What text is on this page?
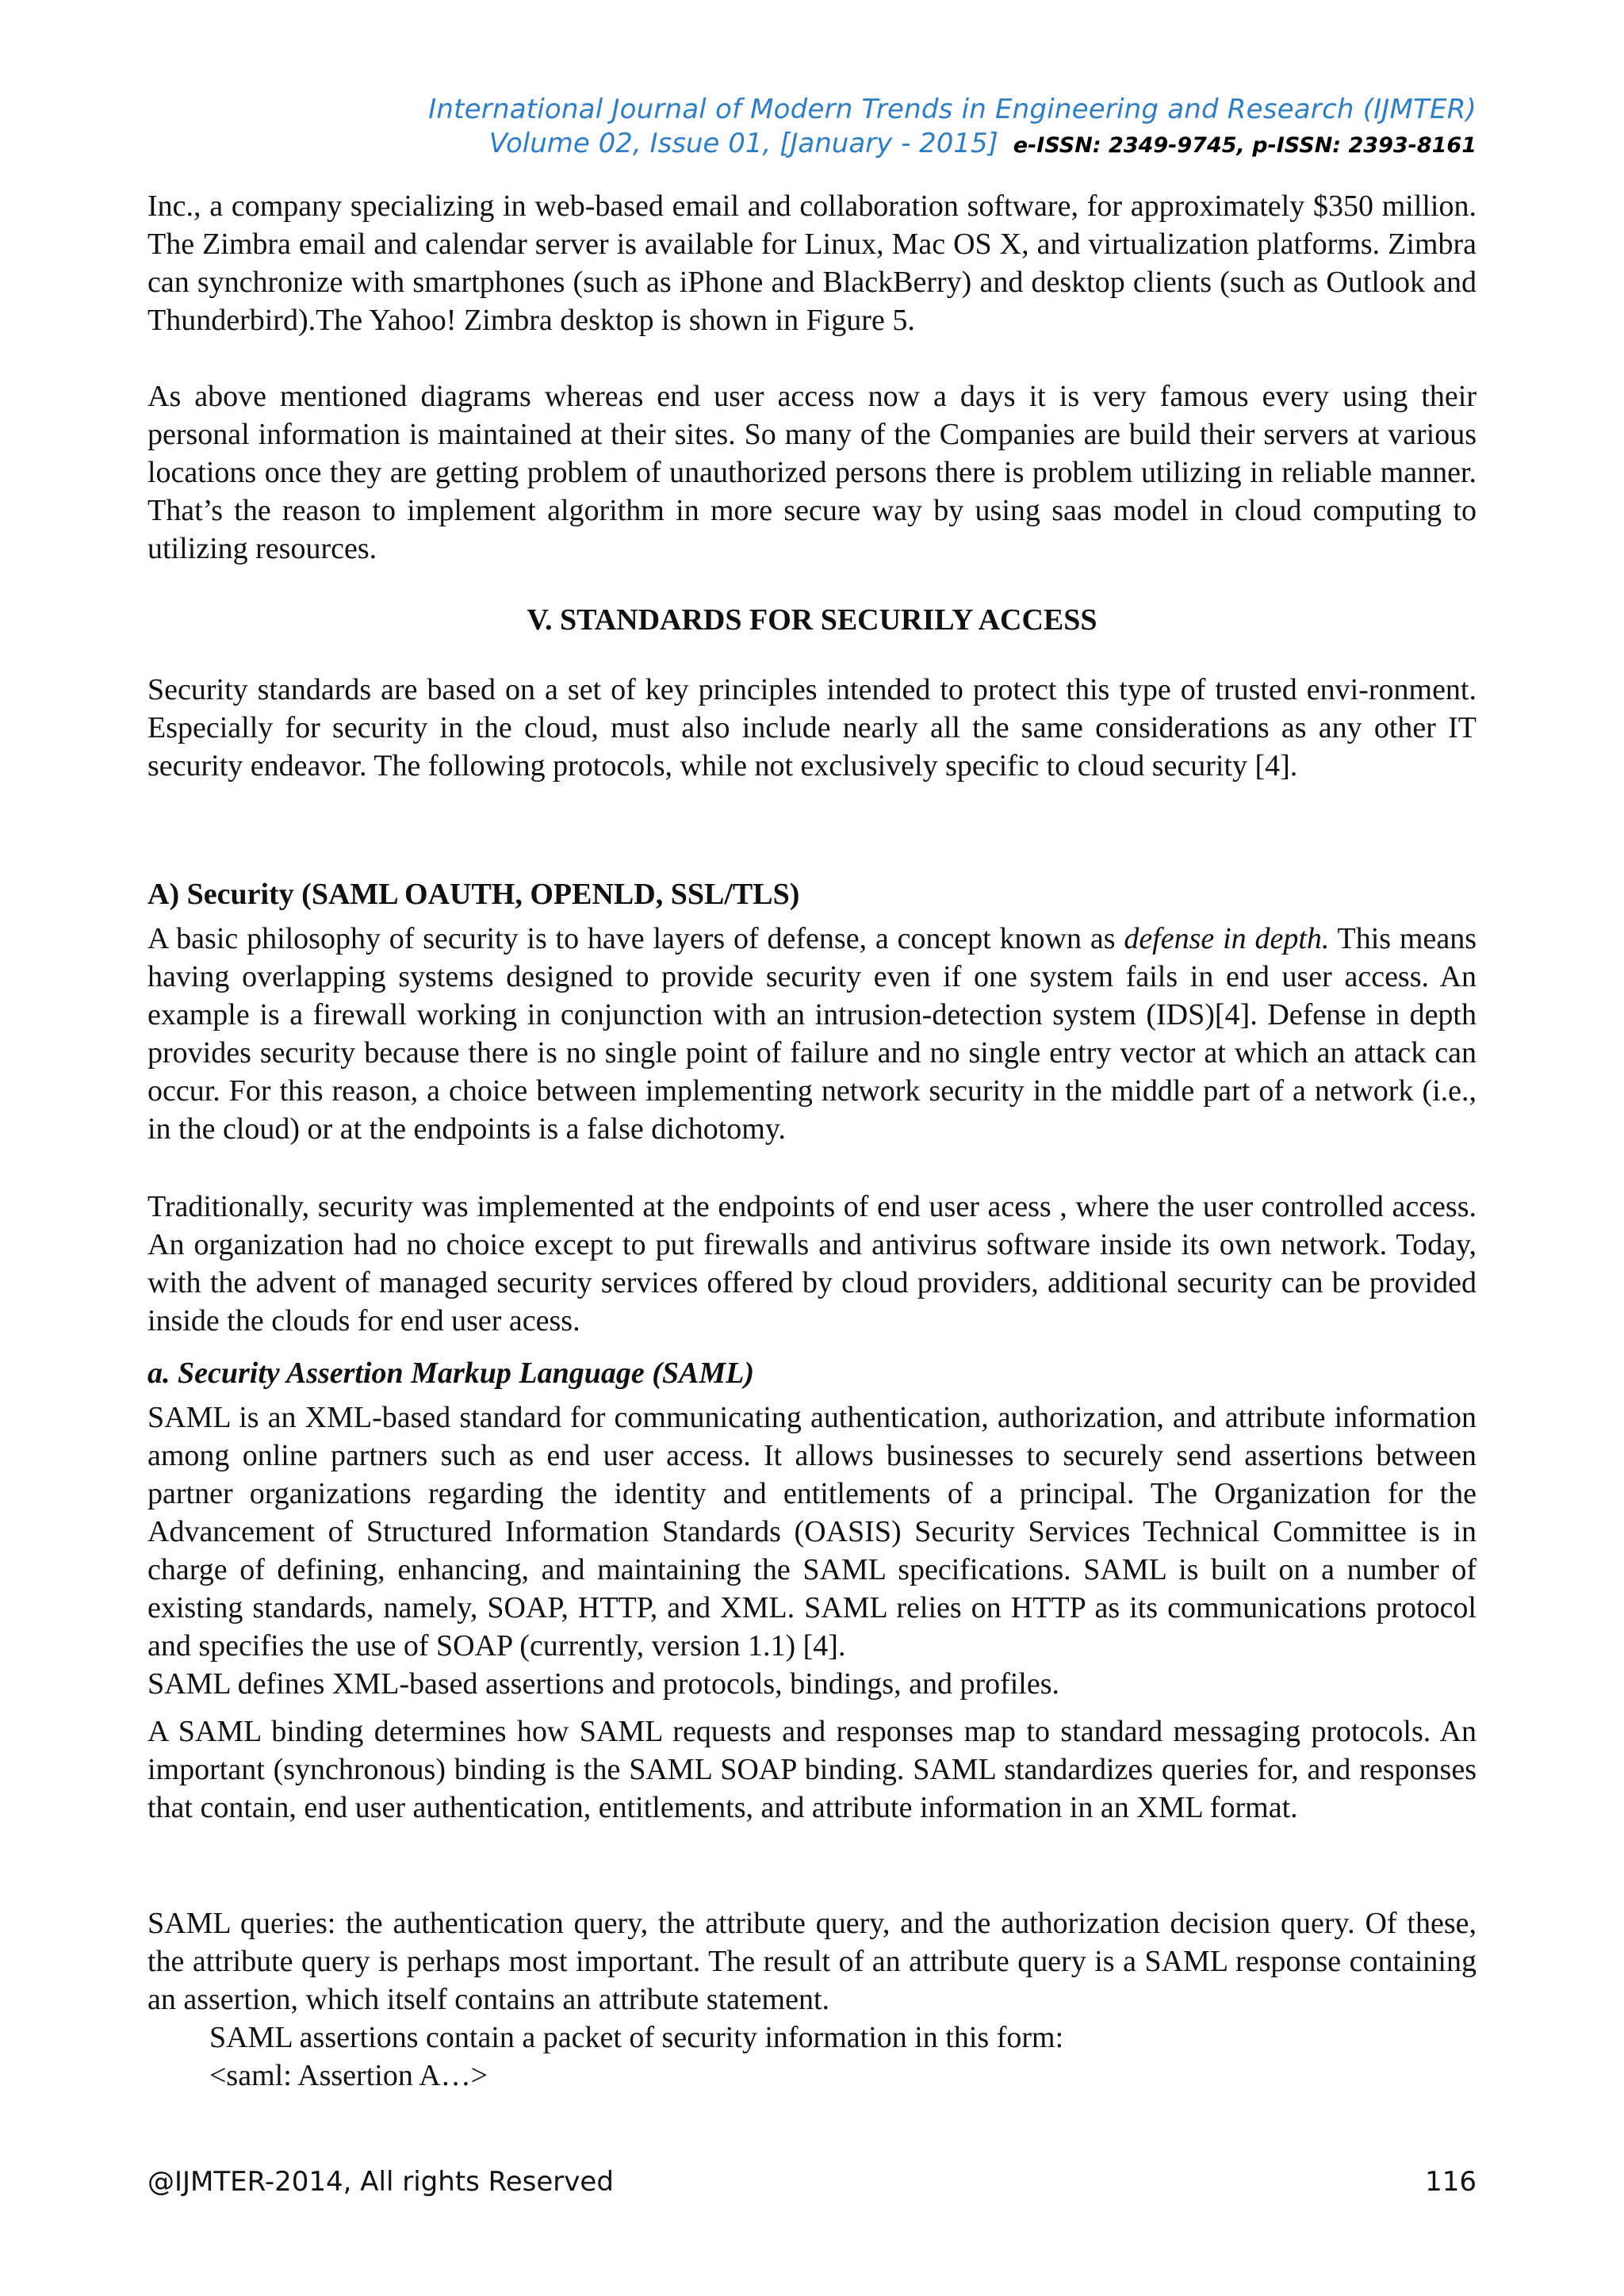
International Journal of Modern Trends in Engineering and Research (IJMTER)
Volume 02, Issue 01, [January - 2015] e-ISSN: 2349-9745, p-ISSN: 2393-8161

Inc., a company specializing in web-based email and collaboration software, for approximately $350 million. The Zimbra email and calendar server is available for Linux, Mac OS X, and virtualization platforms. Zimbra can synchronize with smartphones (such as iPhone and BlackBerry) and desktop clients (such as Outlook and Thunderbird).The Yahoo! Zimbra desktop is shown in Figure 5.

As above mentioned diagrams whereas end user access now a days it is very famous every using their personal information is maintained at their sites. So many of the Companies are build their servers at various locations once they are getting problem of unauthorized persons there is problem utilizing in reliable manner. That’s the reason to implement algorithm in more secure way by using saas model in cloud computing to utilizing resources.

V. STANDARDS FOR SECURILY ACCESS

Security standards are based on a set of key principles intended to protect this type of trusted envi-ronment. Especially for security in the cloud, must also include nearly all the same considerations as any other IT security endeavor. The following protocols, while not exclusively specific to cloud security [4].

A) Security (SAML OAUTH, OPENLD, SSL/TLS)

A basic philosophy of security is to have layers of defense, a concept known as defense in depth. This means having overlapping systems designed to provide security even if one system fails in end user access. An example is a firewall working in conjunction with an intrusion-detection system (IDS)[4]. Defense in depth provides security because there is no single point of failure and no single entry vector at which an attack can occur. For this reason, a choice between implementing network security in the middle part of a network (i.e., in the cloud) or at the endpoints is a false dichotomy.

Traditionally, security was implemented at the endpoints of end user acess , where the user controlled access. An organization had no choice except to put firewalls and antivirus software inside its own network. Today, with the advent of managed security services offered by cloud providers, additional security can be provided inside the clouds for end user acess.

a. Security Assertion Markup Language (SAML)

SAML is an XML-based standard for communicating authentication, authorization, and attribute information among online partners such as end user access. It allows businesses to securely send assertions between partner organizations regarding the identity and entitlements of a principal. The Organization for the Advancement of Structured Information Standards (OASIS) Security Services Technical Committee is in charge of defining, enhancing, and maintaining the SAML specifications. SAML is built on a number of existing standards, namely, SOAP, HTTP, and XML. SAML relies on HTTP as its communications protocol and specifies the use of SOAP (currently, version 1.1) [4].

SAML defines XML-based assertions and protocols, bindings, and profiles.

A SAML binding determines how SAML requests and responses map to standard messaging protocols. An important (synchronous) binding is the SAML SOAP binding. SAML standardizes queries for, and responses that contain, end user authentication, entitlements, and attribute information in an XML format.

SAML queries: the authentication query, the attribute query, and the authorization decision query. Of these, the attribute query is perhaps most important. The result of an attribute query is a SAML response containing an assertion, which itself contains an attribute statement.

SAML assertions contain a packet of security information in this form:
<saml: Assertion A…>
@IJMTER-2014, All rights Reserved	116
